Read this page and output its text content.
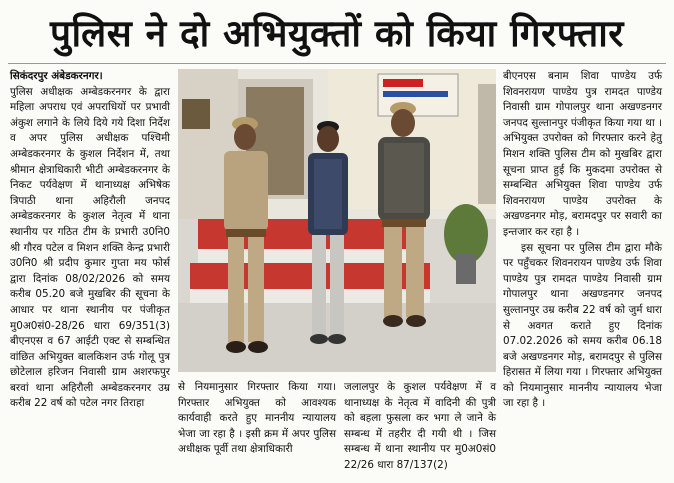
पुलिस ने दो अभियुक्तों को किया गिरफ्तार

सिकंदरपुर अंबेडकरनगर।

पुलिस अधीक्षक अम्बेडकरनगर के द्वारा महिला अपराध एवं अपराधियों पर प्रभावी अंकुश लगाने के लिये दिये गये दिशा निर्देश व अपर पुलिस अधीक्षक पश्चिमी अम्बेडकरनगर के कुशल निर्देशन में, तथा श्रीमान क्षेत्राधिकारी भीटी अम्बेडकरनगर के निकट पर्यवेक्षण में थानाध्यक्ष अभिषेक त्रिपाठी थाना अहिरौली जनपद अम्बेडकरनगर के कुशल नेतृत्व में थाना स्थानीय पर गठित टीम के प्रभारी उ0नि0 श्री गौरव पटेल व मिशन शक्ति केन्द्र प्रभारी उ0नि0 श्री प्रदीप कुमार गुप्ता मय फोर्स द्वारा दिनांक 08/02/2026 को समय करीब 05.20 बजे मुखबिर की सूचना के आधार पर थाना स्थानीय पर पंजीकृत मु0अ0सं0-28/26 धारा 69/351(3) बीएनएस व 67 आईटी एक्ट से सम्बन्धित वांछित अभियुक्त बालकिशन उर्फ गोलू पुत्र छोटेलाल हरिजन निवासी ग्राम अशरफपुर बरवां थाना अहिरौली अम्बेडकरनगर उम्र करीब 22 वर्ष को पटेल नगर तिराहा

से नियमानुसार गिरफ्तार किया गया। गिरफ्तार अभियुक्त को आवश्यक कार्यवाही करते हुए माननीय न्यायालय भेजा जा रहा है । इसी क्रम में अपर पुलिस अधीक्षक पूर्वी तथा क्षेत्राधिकारी

जलालपुर के कुशल पर्यवेक्षण में व थानाध्यक्ष के नेतृत्व में वादिनी की पुत्री को बहला फुसला कर भगा ले जाने के सम्बन्ध में तहरीर दी गयी थी । जिस सम्बन्ध में थाना स्थानीय पर मु0अ0सं0 22/26 धारा 87/137(2)

बीएनएस बनाम शिवा पाण्डेय उर्फ शिवनरायण पाण्डेय पुत्र रामदत पाण्डेय निवासी ग्राम गोपालपुर थाना अखण्डनगर जनपद सुल्तानपुर पंजीकृत किया गया था । अभियुक्त उपरोक्त को गिरफ्तार करने हेतु मिशन शक्ति पुलिस टीम को मुखबिर द्वारा सूचना प्राप्त हुई कि मुकदमा उपरोक्त से सम्बन्धित अभियुक्त शिवा पाण्डेय उर्फ शिवनरायण पाण्डेय उपरोक्त के अखण्डनगर मोड़, बरामदपुर पर सवारी का इन्तजार कर रहा है ।

इस सूचना पर पुलिस टीम द्वारा मौके पर पहुँचकर शिवनरायन पाण्डेय उर्फ शिवा पाण्डेय पुत्र रामदत पाण्डेय निवासी ग्राम गोपालपुर थाना अखण्डनगर जनपद सुल्तानपुर उम्र करीब 22 वर्ष को जुर्म धारा से अवगत कराते हुए दिनांक 07.02.2026 को समय करीब 06.18 बजे अखण्डनगर मोड़, बरामदपुर से पुलिस हिरासत में लिया गया । गिरफ्तार अभियुक्त को नियमानुसार माननीय न्यायालय भेजा जा रहा है ।
